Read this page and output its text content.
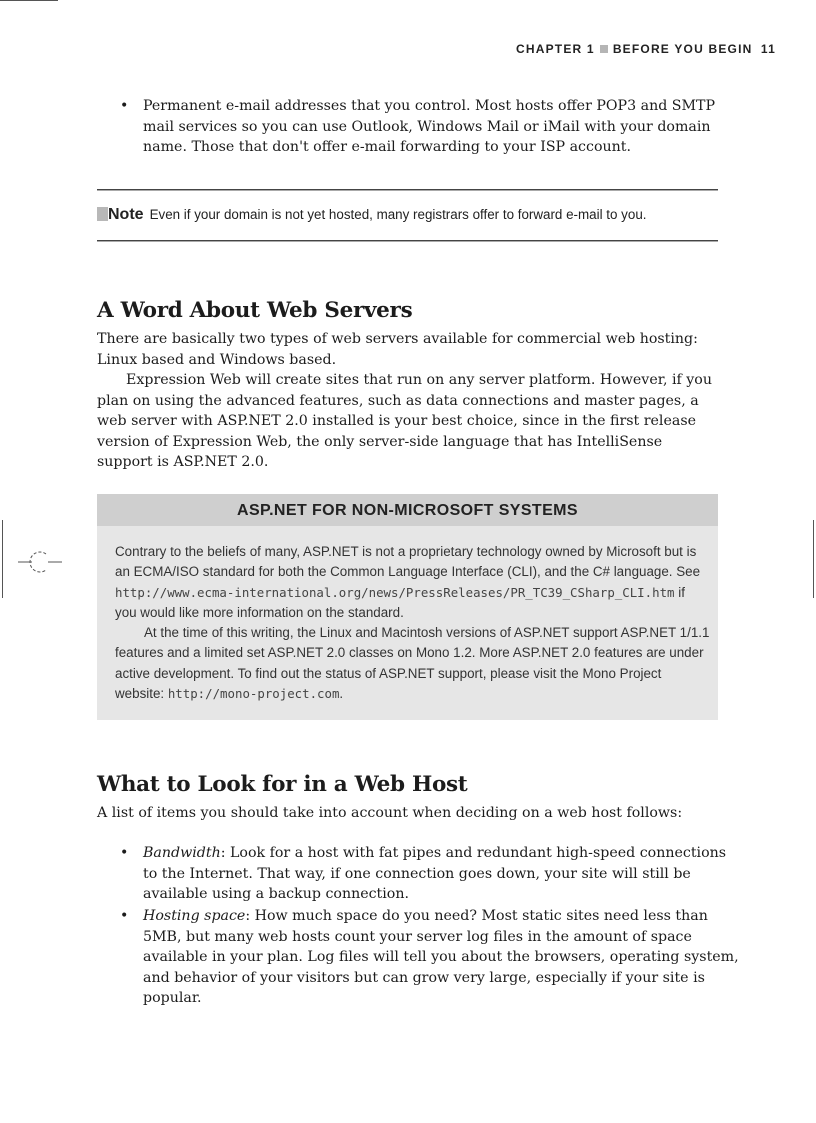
CHAPTER 1 BEFORE YOU BEGIN 11
• Permanent e-mail addresses that you control. Most hosts offer POP3 and SMTP mail services so you can use Outlook, Windows Mail or iMail with your domain name. Those that don't offer e-mail forwarding to your ISP account.
Note Even if your domain is not yet hosted, many registrars offer to forward e-mail to you.
A Word About Web Servers

There are basically two types of web servers available for commercial web hosting: Linux based and Windows based.

Expression Web will create sites that run on any server platform. However, if you plan on using the advanced features, such as data connections and master pages, a web server with ASP.NET 2.0 installed is your best choice, since in the first release version of Expression Web, the only server-side language that has IntelliSense support is ASP.NET 2.0.

ASP.NET FOR NON-MICROSOFT SYSTEMS

Contrary to the beliefs of many, ASP.NET is not a proprietary technology owned by Microsoft but is an ECMA/ISO standard for both the Common Language Interface (CLI), and the C# language. See http://www.ecma-international.org/news/PressReleases/PR_TC39_CSharp_CLI.htm if you would like more information on the standard.

At the time of this writing, the Linux and Macintosh versions of ASP.NET support ASP.NET 1/1.1 features and a limited set ASP.NET 2.0 classes on Mono 1.2. More ASP.NET 2.0 features are under active development. To find out the status of ASP.NET support, please visit the Mono Project website: http://mono-project.com.

What to Look for in a Web Host

A list of items you should take into account when deciding on a web host follows:

• Bandwidth: Look for a host with fat pipes and redundant high-speed connections to the Internet. That way, if one connection goes down, your site will still be available using a backup connection.
• Hosting space: How much space do you need? Most static sites need less than 5MB, but many web hosts count your server log files in the amount of space available in your plan. Log files will tell you about the browsers, operating system, and behavior of your visitors but can grow very large, especially if your site is popular.
